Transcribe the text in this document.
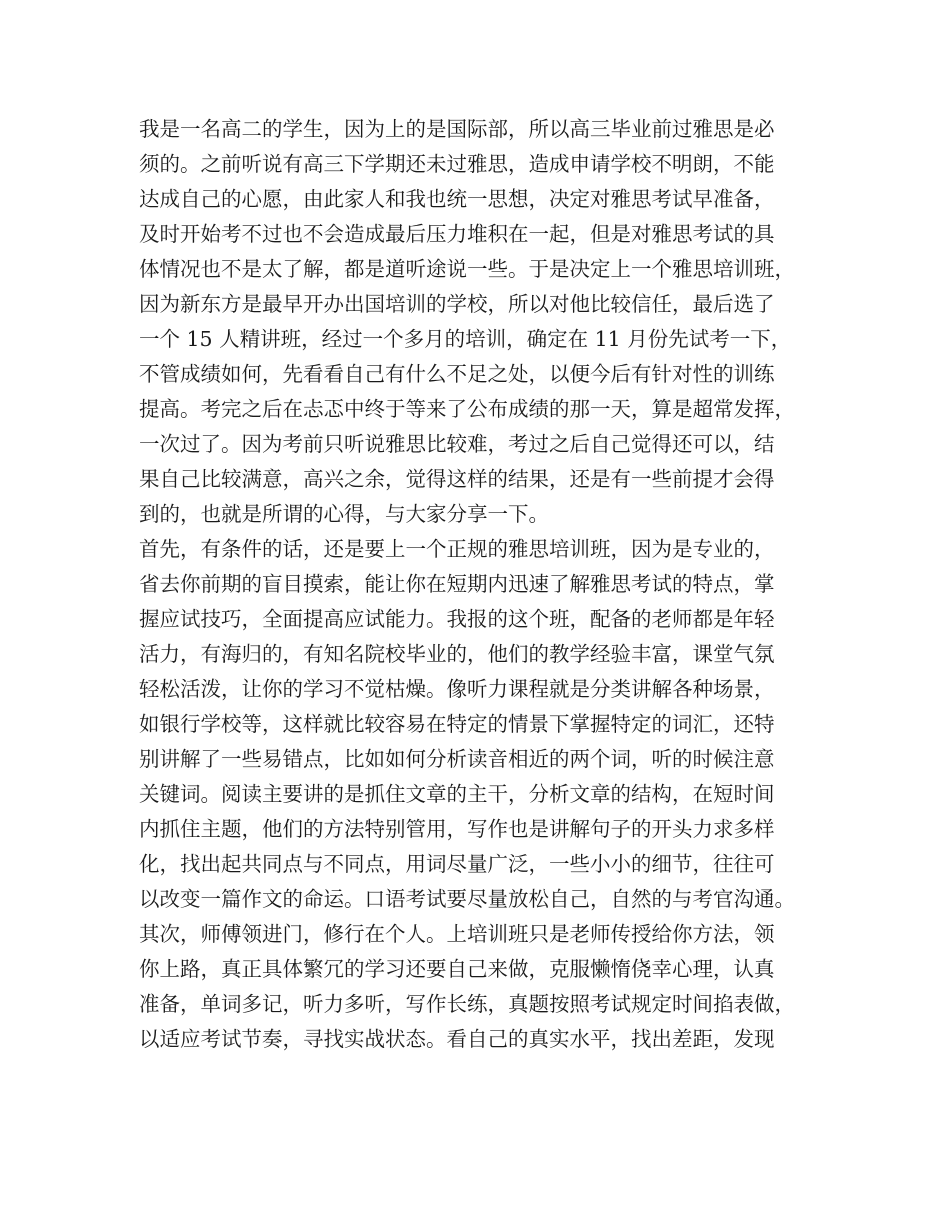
我是一名高二的学生，因为上的是国际部，所以高三毕业前过雅思是必
须的。之前听说有高三下学期还未过雅思，造成申请学校不明朗，不能
达成自己的心愿，由此家人和我也统一思想，决定对雅思考试早准备，
及时开始考不过也不会造成最后压力堆积在一起，但是对雅思考试的具
体情况也不是太了解，都是道听途说一些。于是决定上一个雅思培训班，
因为新东方是最早开办出国培训的学校，所以对他比较信任，最后选了
一个 15 人精讲班，经过一个多月的培训，确定在 11 月份先试考一下，
不管成绩如何，先看看自己有什么不足之处，以便今后有针对性的训练
提高。考完之后在忐忑中终于等来了公布成绩的那一天，算是超常发挥，
一次过了。因为考前只听说雅思比较难，考过之后自己觉得还可以，结
果自己比较满意，高兴之余，觉得这样的结果，还是有一些前提才会得
到的，也就是所谓的心得，与大家分享一下。
首先，有条件的话，还是要上一个正规的雅思培训班，因为是专业的，
省去你前期的盲目摸索，能让你在短期内迅速了解雅思考试的特点，掌
握应试技巧，全面提高应试能力。我报的这个班，配备的老师都是年轻
活力，有海归的，有知名院校毕业的，他们的教学经验丰富，课堂气氛
轻松活泼，让你的学习不觉枯燥。像听力课程就是分类讲解各种场景，
如银行学校等，这样就比较容易在特定的情景下掌握特定的词汇，还特
别讲解了一些易错点，比如如何分析读音相近的两个词，听的时候注意
关键词。阅读主要讲的是抓住文章的主干，分析文章的结构，在短时间
内抓住主题，他们的方法特别管用，写作也是讲解句子的开头力求多样
化，找出起共同点与不同点，用词尽量广泛，一些小小的细节，往往可
以改变一篇作文的命运。口语考试要尽量放松自己，自然的与考官沟通。
其次，师傅领进门，修行在个人。上培训班只是老师传授给你方法，领
你上路，真正具体繁冗的学习还要自己来做，克服懒惰侥幸心理，认真
准备，单词多记，听力多听，写作长练，真题按照考试规定时间掐表做，
以适应考试节奏，寻找实战状态。看自己的真实水平，找出差距，发现
